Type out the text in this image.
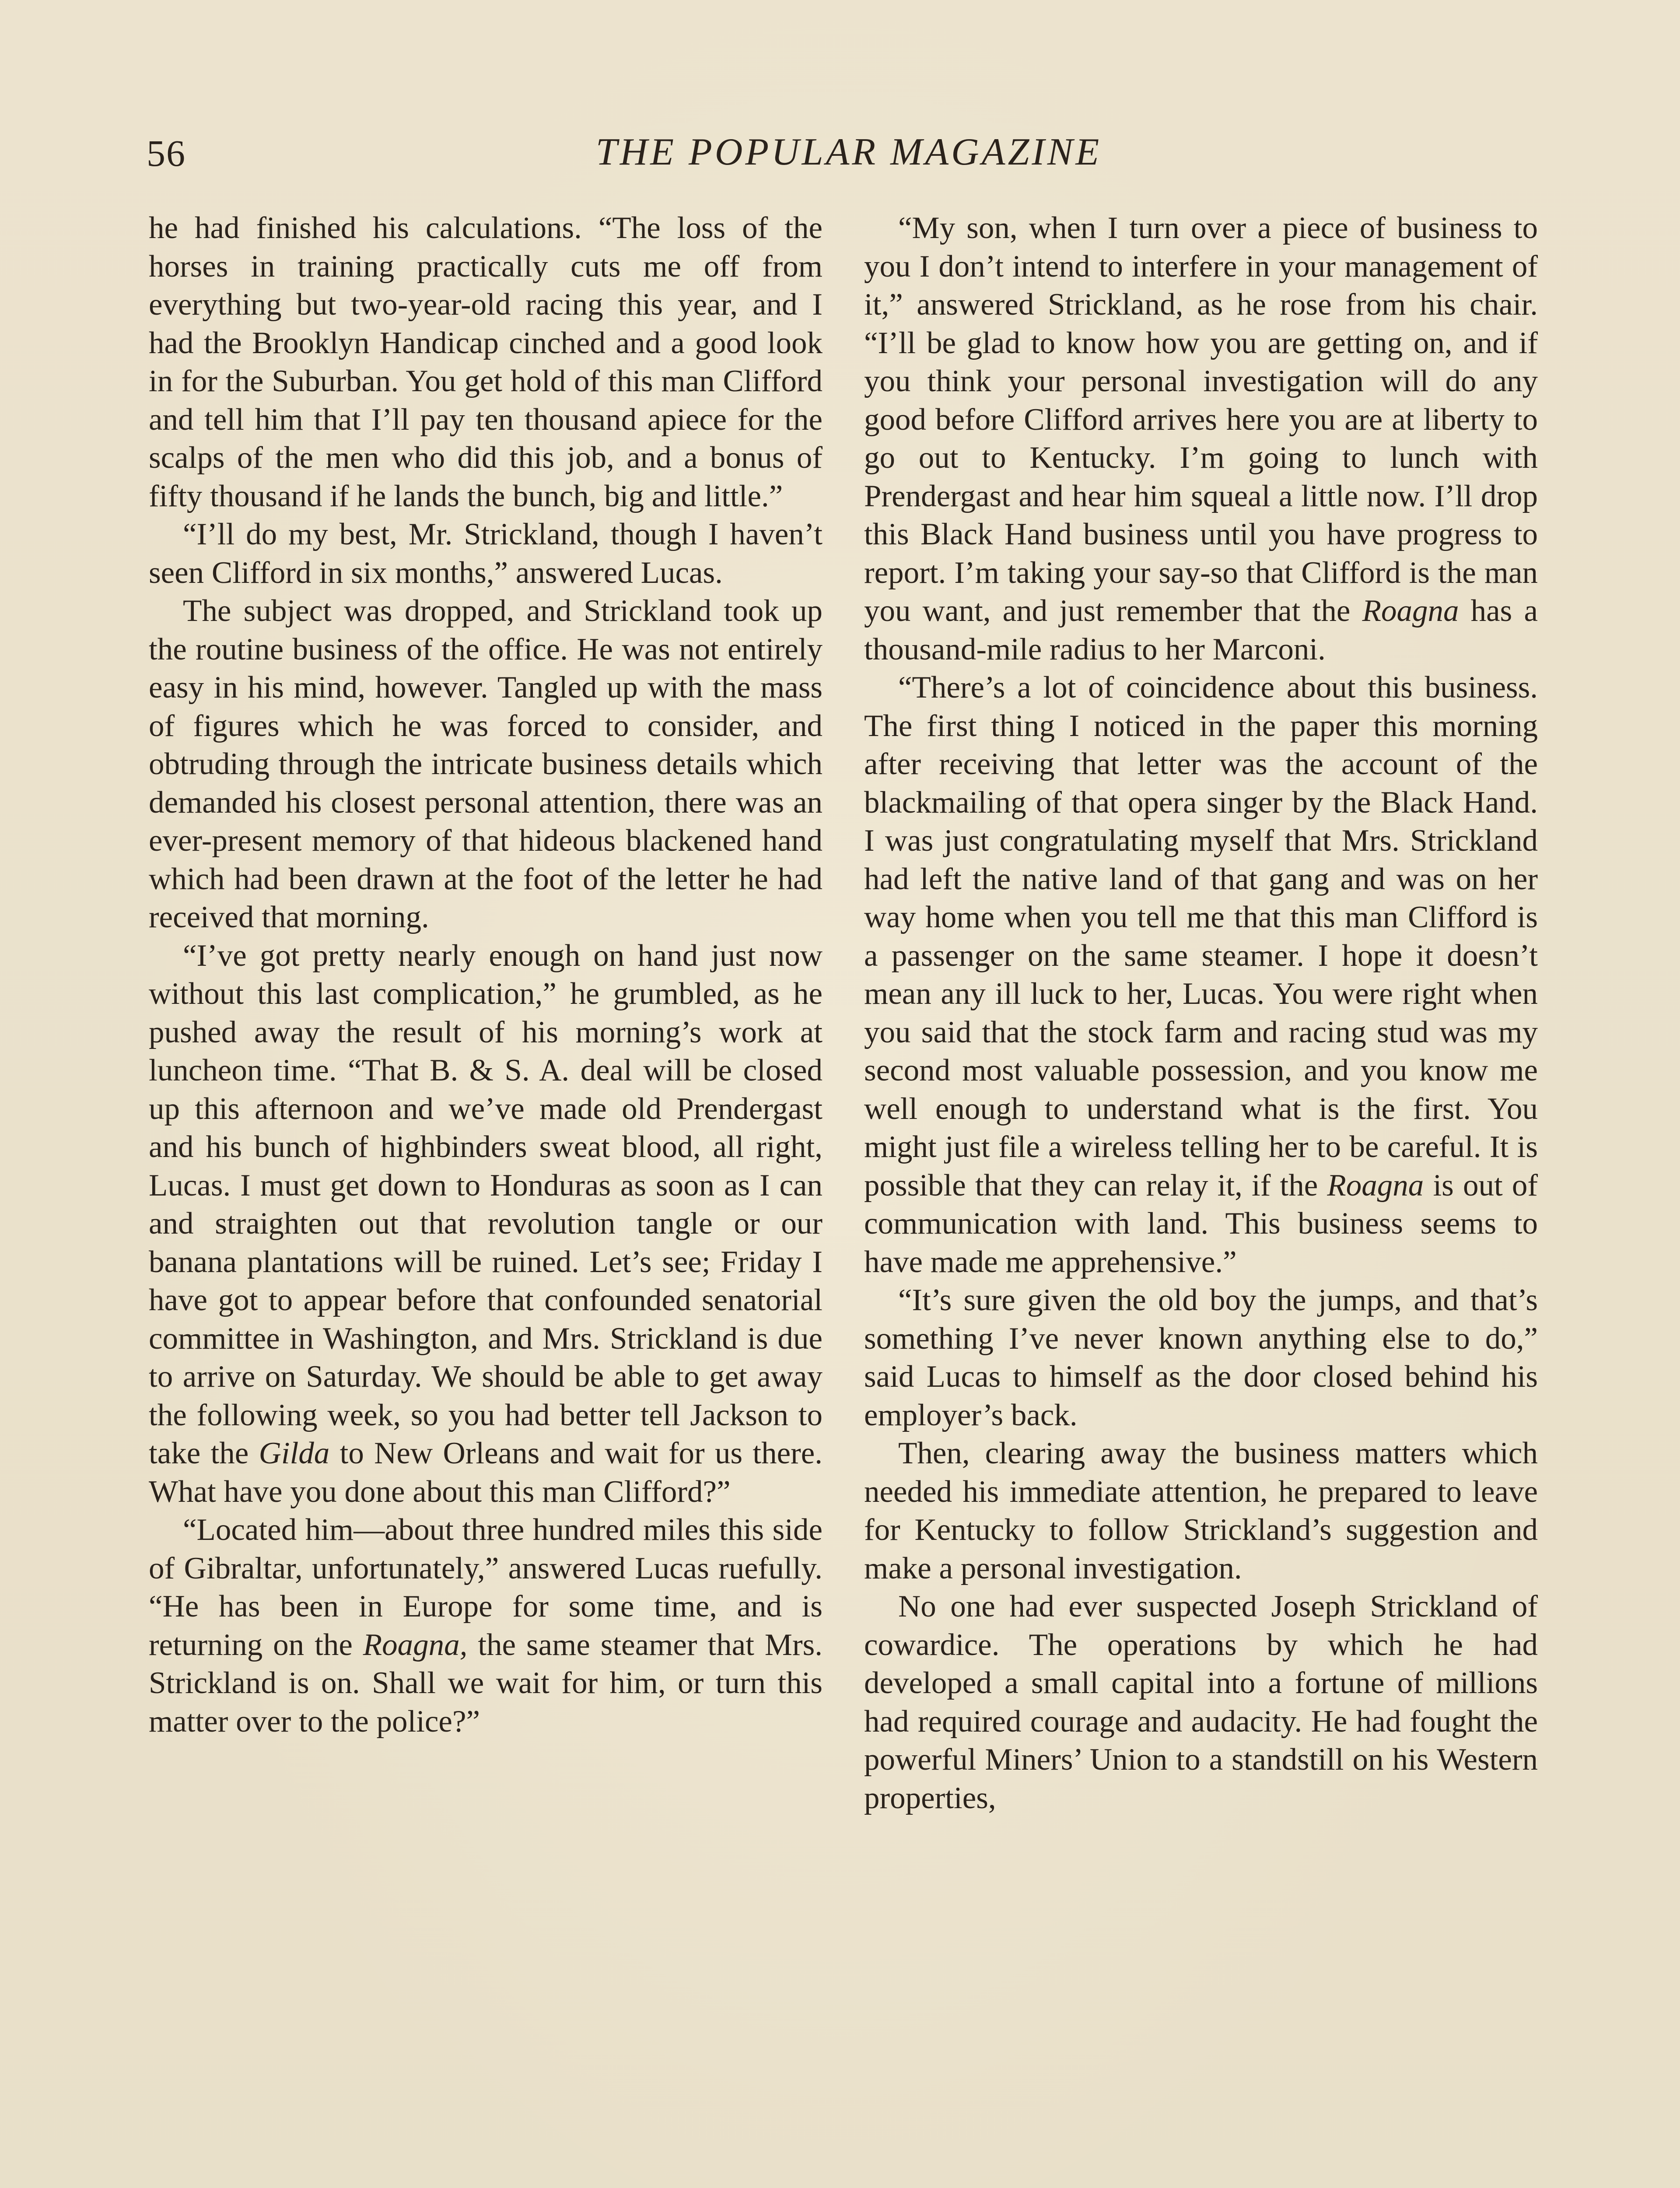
56	THE POPULAR MAGAZINE

he had finished his calculations. “The loss of the horses in training practically cuts me off from everything but two-year-old racing this year, and I had the Brooklyn Handicap cinched and a good look in for the Suburban. You get hold of this man Clifford and tell him that I’ll pay ten thousand apiece for the scalps of the men who did this job, and a bonus of fifty thousand if he lands the bunch, big and little.”

“I’ll do my best, Mr. Strickland, though I haven’t seen Clifford in six months,” answered Lucas.

The subject was dropped, and Strickland took up the routine business of the office. He was not entirely easy in his mind, however. Tangled up with the mass of figures which he was forced to consider, and obtruding through the intricate business details which demanded his closest personal attention, there was an ever-present memory of that hideous blackened hand which had been drawn at the foot of the letter he had received that morning.

“I’ve got pretty nearly enough on hand just now without this last complication,” he grumbled, as he pushed away the result of his morning’s work at luncheon time. “That B. & S. A. deal will be closed up this afternoon and we’ve made old Prendergast and his bunch of highbinders sweat blood, all right, Lucas. I must get down to Honduras as soon as I can and straighten out that revolution tangle or our banana plantations will be ruined. Let’s see; Friday I have got to appear before that confounded senatorial committee in Washington, and Mrs. Strickland is due to arrive on Saturday. We should be able to get away the following week, so you had better tell Jackson to take the Gilda to New Orleans and wait for us there. What have you done about this man Clifford?”

“Located him—about three hundred miles this side of Gibraltar, unfortunately,” answered Lucas ruefully. “He has been in Europe for some time, and is returning on the Roagna, the same steamer that Mrs. Strickland is on. Shall we wait for him, or turn this matter over to the police?”

“My son, when I turn over a piece of business to you I don’t intend to interfere in your management of it,” answered Strickland, as he rose from his chair. “I’ll be glad to know how you are getting on, and if you think your personal investigation will do any good before Clifford arrives here you are at liberty to go out to Kentucky. I’m going to lunch with Prendergast and hear him squeal a little now. I’ll drop this Black Hand business until you have progress to report. I’m taking your say-so that Clifford is the man you want, and just remember that the Roagna has a thousand-mile radius to her Marconi.

“There’s a lot of coincidence about this business. The first thing I noticed in the paper this morning after receiving that letter was the account of the blackmailing of that opera singer by the Black Hand. I was just congratulating myself that Mrs. Strickland had left the native land of that gang and was on her way home when you tell me that this man Clifford is a passenger on the same steamer. I hope it doesn’t mean any ill luck to her, Lucas. You were right when you said that the stock farm and racing stud was my second most valuable possession, and you know me well enough to understand what is the first. You might just file a wireless telling her to be careful. It is possible that they can relay it, if the Roagna is out of communication with land. This business seems to have made me apprehensive.”

“It’s sure given the old boy the jumps, and that’s something I’ve never known anything else to do,” said Lucas to himself as the door closed behind his employer’s back.

Then, clearing away the business matters which needed his immediate attention, he prepared to leave for Kentucky to follow Strickland’s suggestion and make a personal investigation.

No one had ever suspected Joseph Strickland of cowardice. The operations by which he had developed a small capital into a fortune of millions had required courage and audacity. He had fought the powerful Miners’ Union to a standstill on his Western properties,
